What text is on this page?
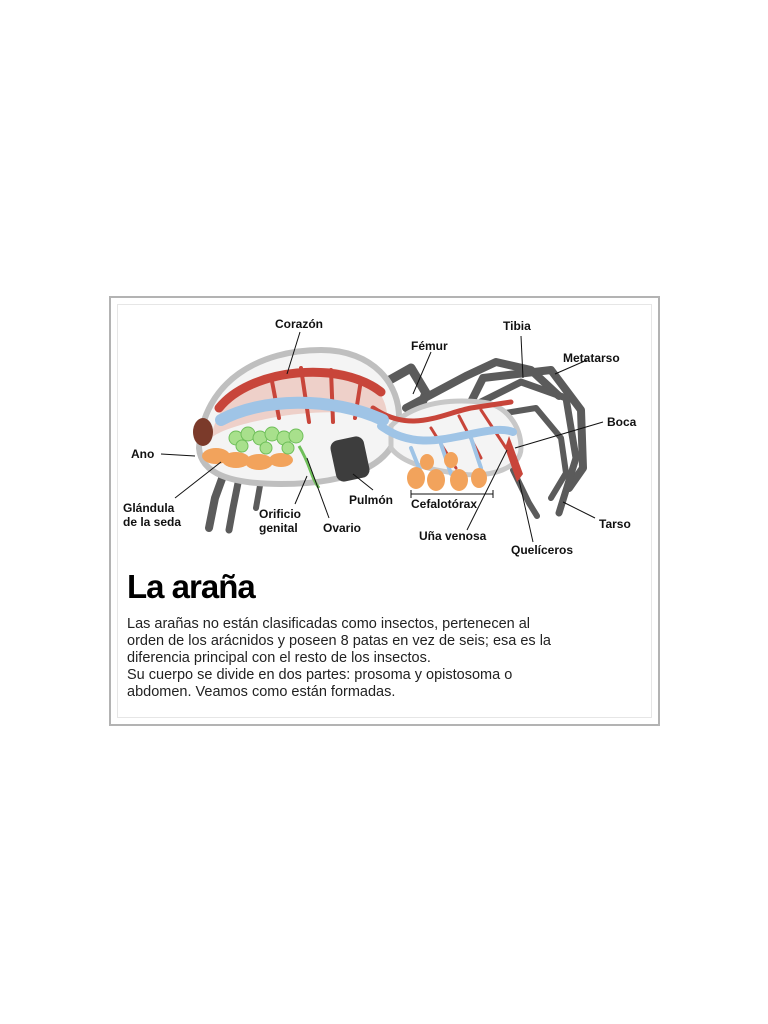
Corazón
Fémur
Tibia
Metatarso
Boca
Ano
Glándula
de la seda
Orificio
genital Ovario
Pulmón Cefalotórax
Uña venosa
Quelíceros
Tarso
La araña

Las arañas no están clasificadas como insectos, pertenecen al
orden de los arácnidos y poseen 8 patas en vez de seis; esa es la
diferencia principal con el resto de los insectos.
Su cuerpo se divide en dos partes: prosoma y opistosoma o
abdomen. Veamos como están formadas.
